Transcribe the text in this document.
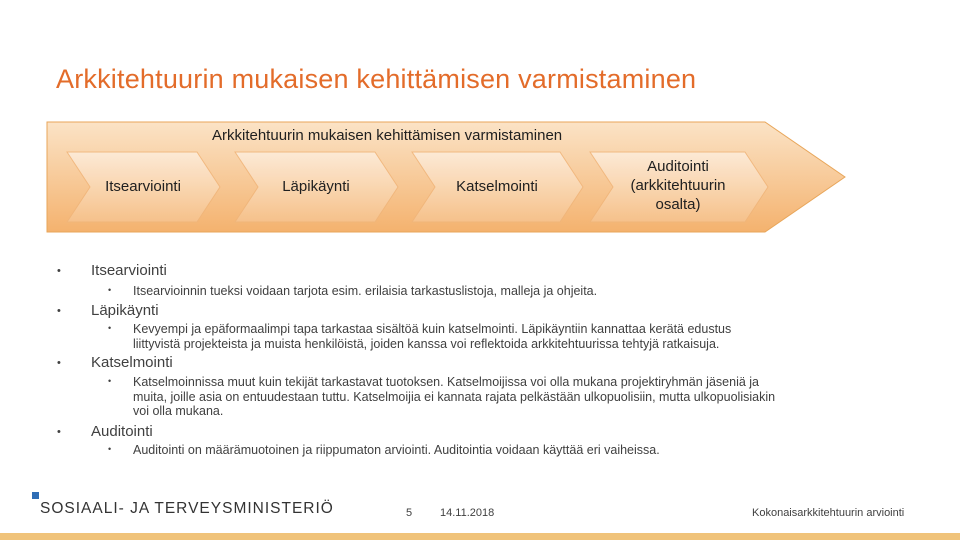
Arkkitehtuurin mukaisen kehittämisen varmistaminen
Arkkitehtuurin mukaisen kehittämisen varmistaminen
Itsearviointi	Läpikäynti	Katselmointi
Auditointi
(arkkitehtuurin
osalta)
• Itsearviointi
• Itsearvioinnin tueksi voidaan tarjota esim. erilaisia tarkastuslistoja, malleja ja ohjeita.
• Läpikäynti
• Kevyempi ja epäformaalimpi tapa tarkastaa sisältöä kuin katselmointi. Läpikäyntiin kannattaa kerätä edustus
liittyvistä projekteista ja muista henkilöistä, joiden kanssa voi reflektoida arkkitehtuurissa tehtyjä ratkaisuja.
• Katselmointi
• Katselmoinnissa muut kuin tekijät tarkastavat tuotoksen. Katselmoijissa voi olla mukana projektiryhmän jäseniä ja
muita, joille asia on entuudestaan tuttu. Katselmoijia ei kannata rajata pelkästään ulkopuolisiin, mutta ulkopuolisiakin
voi olla mukana.
• Auditointi
• Auditointi on määrämuotoinen ja riippumaton arviointi. Auditointia voidaan käyttää eri vaiheissa.
SOSIAALI- JA TERVEYSMINISTERIÖ	5	14.11.2018	Kokonaisarkkitehtuurin arviointi
